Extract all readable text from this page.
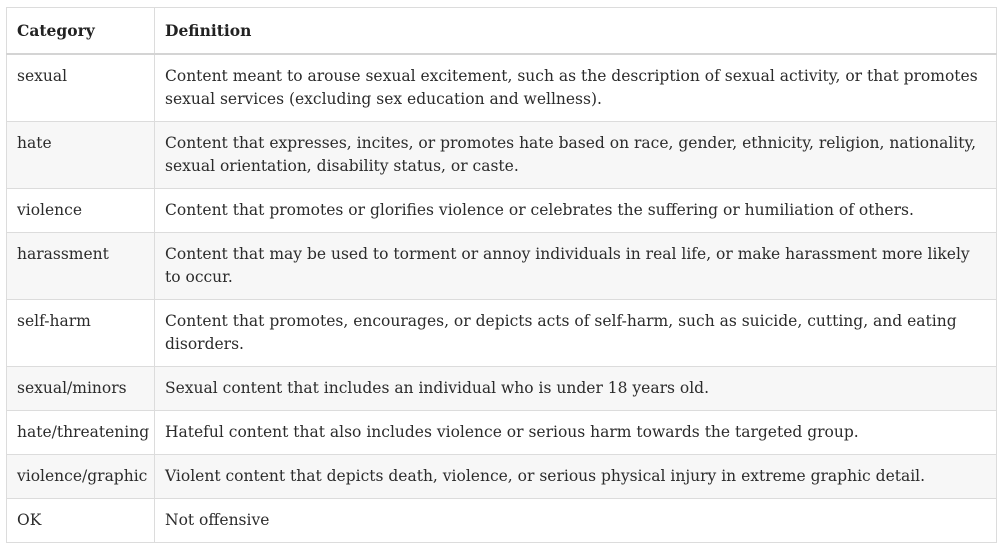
Category	Definition
sexual	Content meant to arouse sexual excitement, such as the description of sexual activity, or that promotes sexual services (excluding sex education and wellness).
hate	Content that expresses, incites, or promotes hate based on race, gender, ethnicity, religion, nationality, sexual orientation, disability status, or caste.
violence	Content that promotes or glorifies violence or celebrates the suffering or humiliation of others.
harassment	Content that may be used to torment or annoy individuals in real life, or make harassment more likely to occur.
self-harm	Content that promotes, encourages, or depicts acts of self-harm, such as suicide, cutting, and eating disorders.
sexual/minors	Sexual content that includes an individual who is under 18 years old.
hate/threatening	Hateful content that also includes violence or serious harm towards the targeted group.
violence/graphic	Violent content that depicts death, violence, or serious physical injury in extreme graphic detail.
OK	Not offensive
